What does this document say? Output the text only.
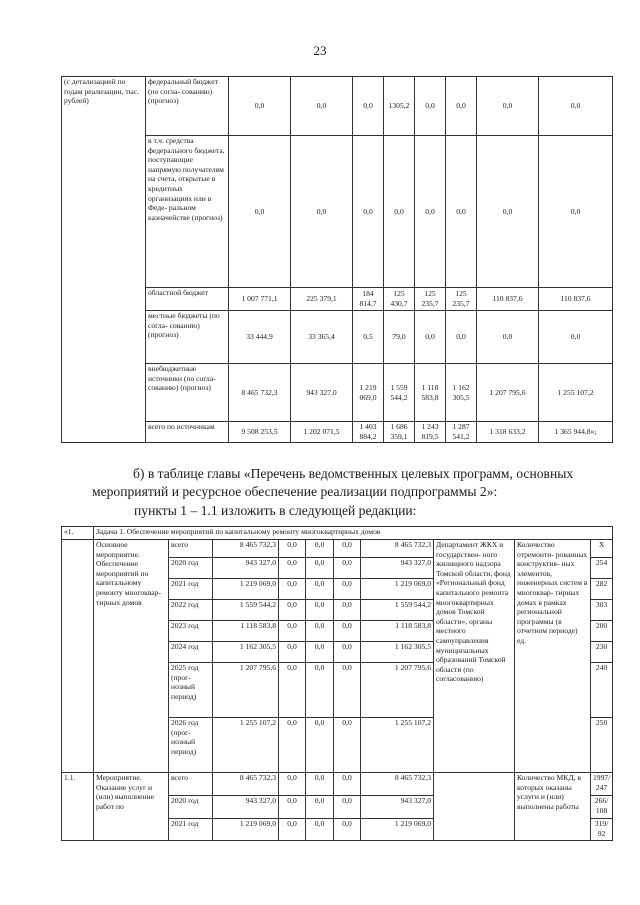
23
(с детализацией по годам реализации, тыс. рублей)	федеральный бюджет (по согла- сованию) (прогноз)	0,0	0,0	0,0	1305,2	0,0	0,0	0,0	0,0
	в т.ч. средства федерального бюджета, поступающие напрямую получателям на счета, открытые в кредитных организациях или в Феде- ральном казначействе (прогноз)	0,0	0,0	0,0	0,0	0,0	0,0	0,0	0,0
	областной бюджет	1 007 771,1	225 379,1	184 814,7	125 430,7	125 235,7	125 235,7	110 837,6	110 837,6
	местные бюджеты (по согла- сованию) (прогноз)	33 444,9	33 365,4	0,5	79,0	0,0	0,0	0,0	0,0
	внебюджетные источники (по согла- сованию) (прогноз)	8 465 732,3	943 327,0	1 219 069,0	1 559 544,2	1 118 583,8	1 162 305,5	1 207 795,6	1 255 107,2
	всего по источникам	9 508 253,5	1 202 071,5	1 403 884,2	1 686 359,1	1 243 819,5	1 287 541,2	1 318 633,2	1 365 944,8»;
б) в таблице главы «Перечень ведомственных целевых программ, основных
мероприятий и ресурсное обеспечение реализации подпрограммы 2»:
пункты 1 – 1.1 изложить в следующей редакции:
«1.	Задача 1. Обеспечение мероприятий по капитальному ремонту многоквартирных домов									
	Основное мероприятие. Обеспечение мероприятий по капитальному ремонту многоквар- тирных домов	всего	8 465 732,3	0,0	0,0	0,0	8 465 732,3	Департамент ЖКХ и государствен- ного жилищного надзора Томской области, фонд «Региональный фонд капитального ремонта многоквартирных домов Томской области», органы местного самоуправления муниципальных образований Томской области (по согласованию)	Количество отремонти- рованных конструктив- ных элементов, инженерных систем в многоквар- тирных домах в рамках региональной программы (в отчетном периоде) ед.	Х
		2020 год	943 327,0	0,0	0,0	0,0	943 327,0			254
		2021 год	1 219 069,0	0,0	0,0	0,0	1 219 069,0			282
		2022 год	1 559 544,2	0,0	0,0	0,0	1 559 544,2			303
		2023 год	1 118 583,8	0,0	0,0	0,0	1 118 583,8			200
		2024 год	1 162 305,5	0,0	0,0	0,0	1 162 305,5			230
		2025 год (прог- нозный период)	1 207 795,6	0,0	0,0	0,0	1 207 795,6			240
		2026 год (прог- нозный период)	1 255 107,2	0,0	0,0	0,0	1 255 107,2			250
1.1.	Мероприятие. Оказание услуг и (или) выполнение работ по	всего	8 465 732,3	0,0	0,0	0,0	8 465 732,3		Количество МКД, в которых оказаны услуги и (или) выполнены работы	1997/ 247
		2020 год	943 327,0	0,0	0,0	0,0	943 327,0			266/ 108
		2021 год	1 219 069,0	0,0	0,0	0,0	1 219 069,0			319/ 92
